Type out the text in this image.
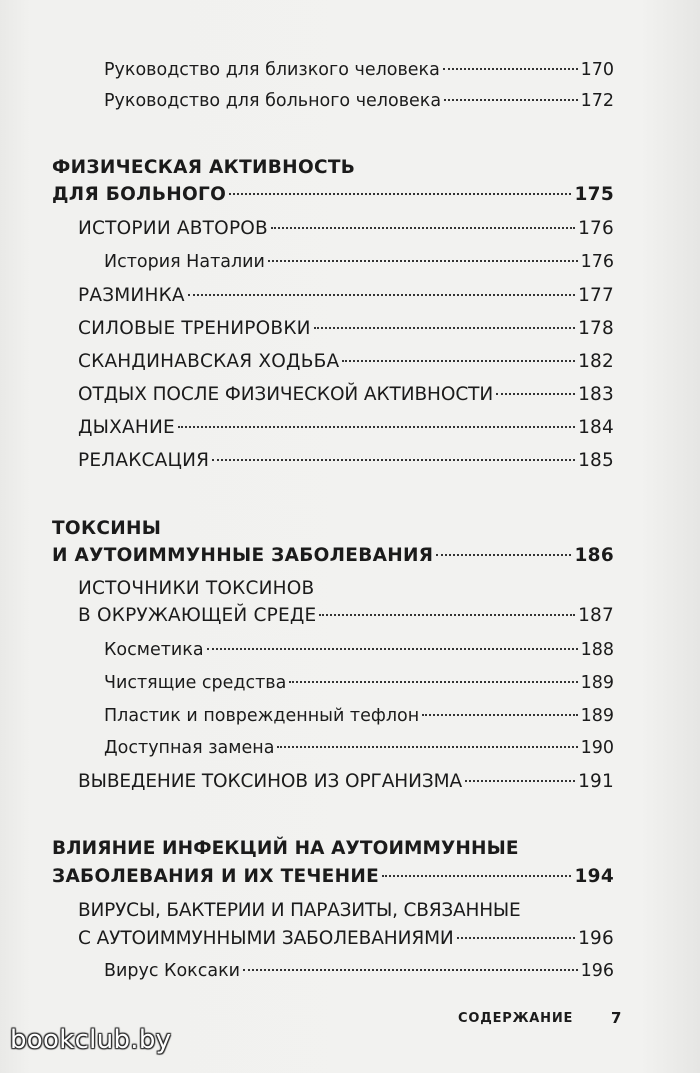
Руководство для близкого человека	170
Руководство для больного человека	172
ФИЗИЧЕСКАЯ АКТИВНОСТЬ
ДЛЯ БОЛЬНОГО	175
ИСТОРИИ АВТОРОВ	176
История Наталии	176
РАЗМИНКА	177
СИЛОВЫЕ ТРЕНИРОВКИ	178
СКАНДИНАВСКАЯ ХОДЬБА	182
ОТДЫХ ПОСЛЕ ФИЗИЧЕСКОЙ АКТИВНОСТИ	183
ДЫХАНИЕ	184
РЕЛАКСАЦИЯ	185
ТОКСИНЫ
И АУТОИММУННЫЕ ЗАБОЛЕВАНИЯ	186
ИСТОЧНИКИ ТОКСИНОВ
В ОКРУЖАЮЩЕЙ СРЕДЕ	187
Косметика	188
Чистящие средства	189
Пластик и поврежденный тефлон	189
Доступная замена	190
ВЫВЕДЕНИЕ ТОКСИНОВ ИЗ ОРГАНИЗМА	191
ВЛИЯНИЕ ИНФЕКЦИЙ НА АУТОИММУННЫЕ
ЗАБОЛЕВАНИЯ И ИХ ТЕЧЕНИЕ	194
ВИРУСЫ, БАКТЕРИИ И ПАРАЗИТЫ, СВЯЗАННЫЕ
С АУТОИММУННЫМИ ЗАБОЛЕВАНИЯМИ	196
Вирус Коксаки	196
СОДЕРЖАНИЕ	7
bookclub.by
